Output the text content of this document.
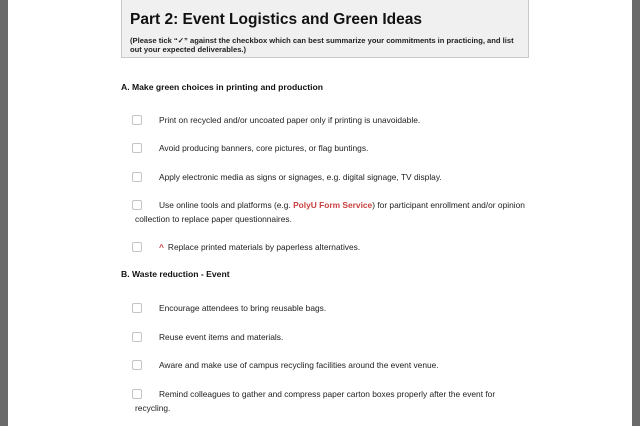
Part 2: Event Logistics and Green Ideas
(Please tick “✓” against the checkbox which can best summarize your commitments in practicing, and list out your expected deliverables.)
A. Make green choices in printing and production
Print on recycled and/or uncoated paper only if printing is unavoidable.
Avoid producing banners, core pictures, or flag buntings.
Apply electronic media as signs or signages, e.g. digital signage, TV display.
Use online tools and platforms (e.g. PolyU Form Service) for participant enrollment and/or opinion collection to replace paper questionnaires.
^ Replace printed materials by paperless alternatives.
B. Waste reduction - Event
Encourage attendees to bring reusable bags.
Reuse event items and materials.
Aware and make use of campus recycling facilities around the event venue.
Remind colleagues to gather and compress paper carton boxes properly after the event for recycling.
